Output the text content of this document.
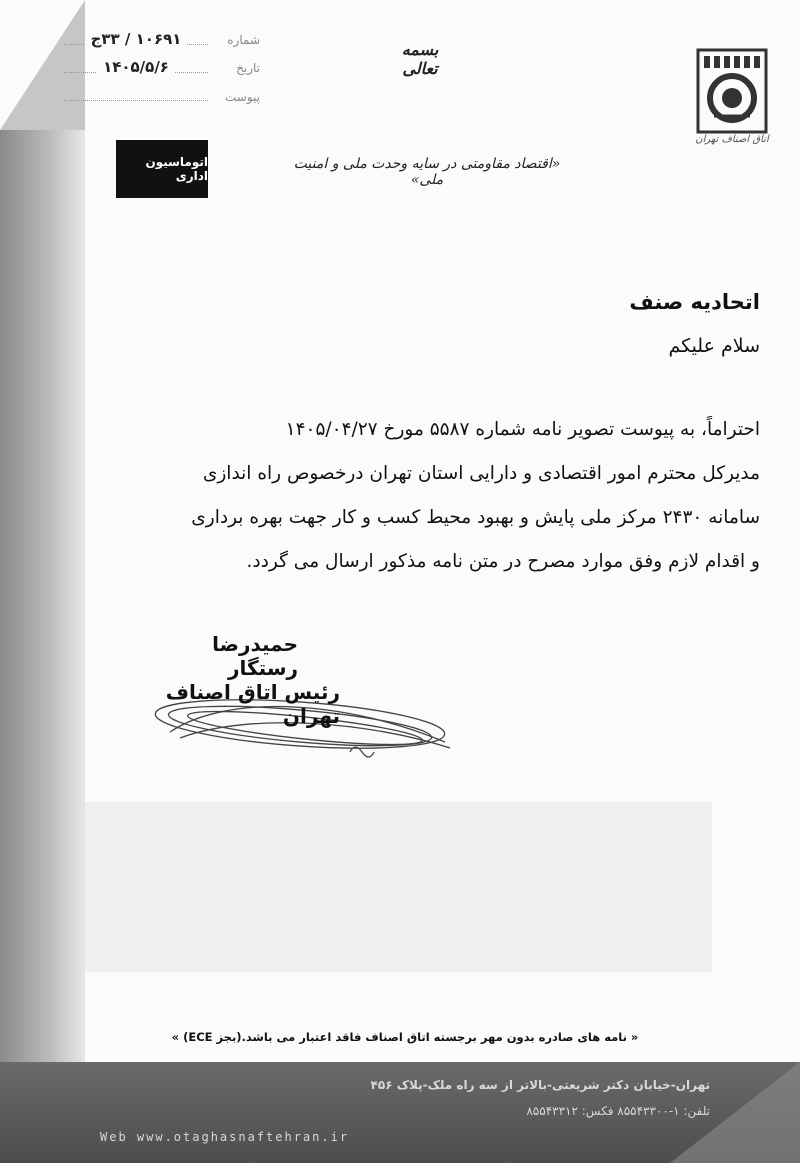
شماره
۱۰۶۹۱ / ۳۳ج
تاریخ
۱۴۰۵/۵/۶
پیوست
بسمه تعالی
اتاق اصناف تهران
اتوماسیون اداری
«اقتصاد مقاومتی در سایه وحدت ملی و امنیت ملی»
اتحادیه صنف
سلام علیکم
احتراماً، به پیوست تصویر نامه شماره ۵۵۸۷ مورخ ۱۴۰۵/۰۴/۲۷
مدیرکل محترم امور اقتصادی و دارایی استان تهران درخصوص راه اندازی
سامانه ۲۴۳۰ مرکز ملی پایش و بهبود محیط کسب و کار جهت بهره برداری
و اقدام لازم وفق موارد مصرح در متن نامه مذکور ارسال می گردد.
حمیدرضا رستگار
رئیس اتاق اصناف تهران
« نامه های صادره بدون مهر برجسته اتاق اصناف فاقد اعتبار می باشد.(بجز ECE) »
تهران-خیابان دکتر شریعتی-بالاتر از سه راه ملک-پلاک ۴۵۶
تلفن: ۱-۸۵۵۴۳۳۰۰ فکس: ۸۵۵۴۳۳۱۲
Web www.otaghasnaftehran.ir
